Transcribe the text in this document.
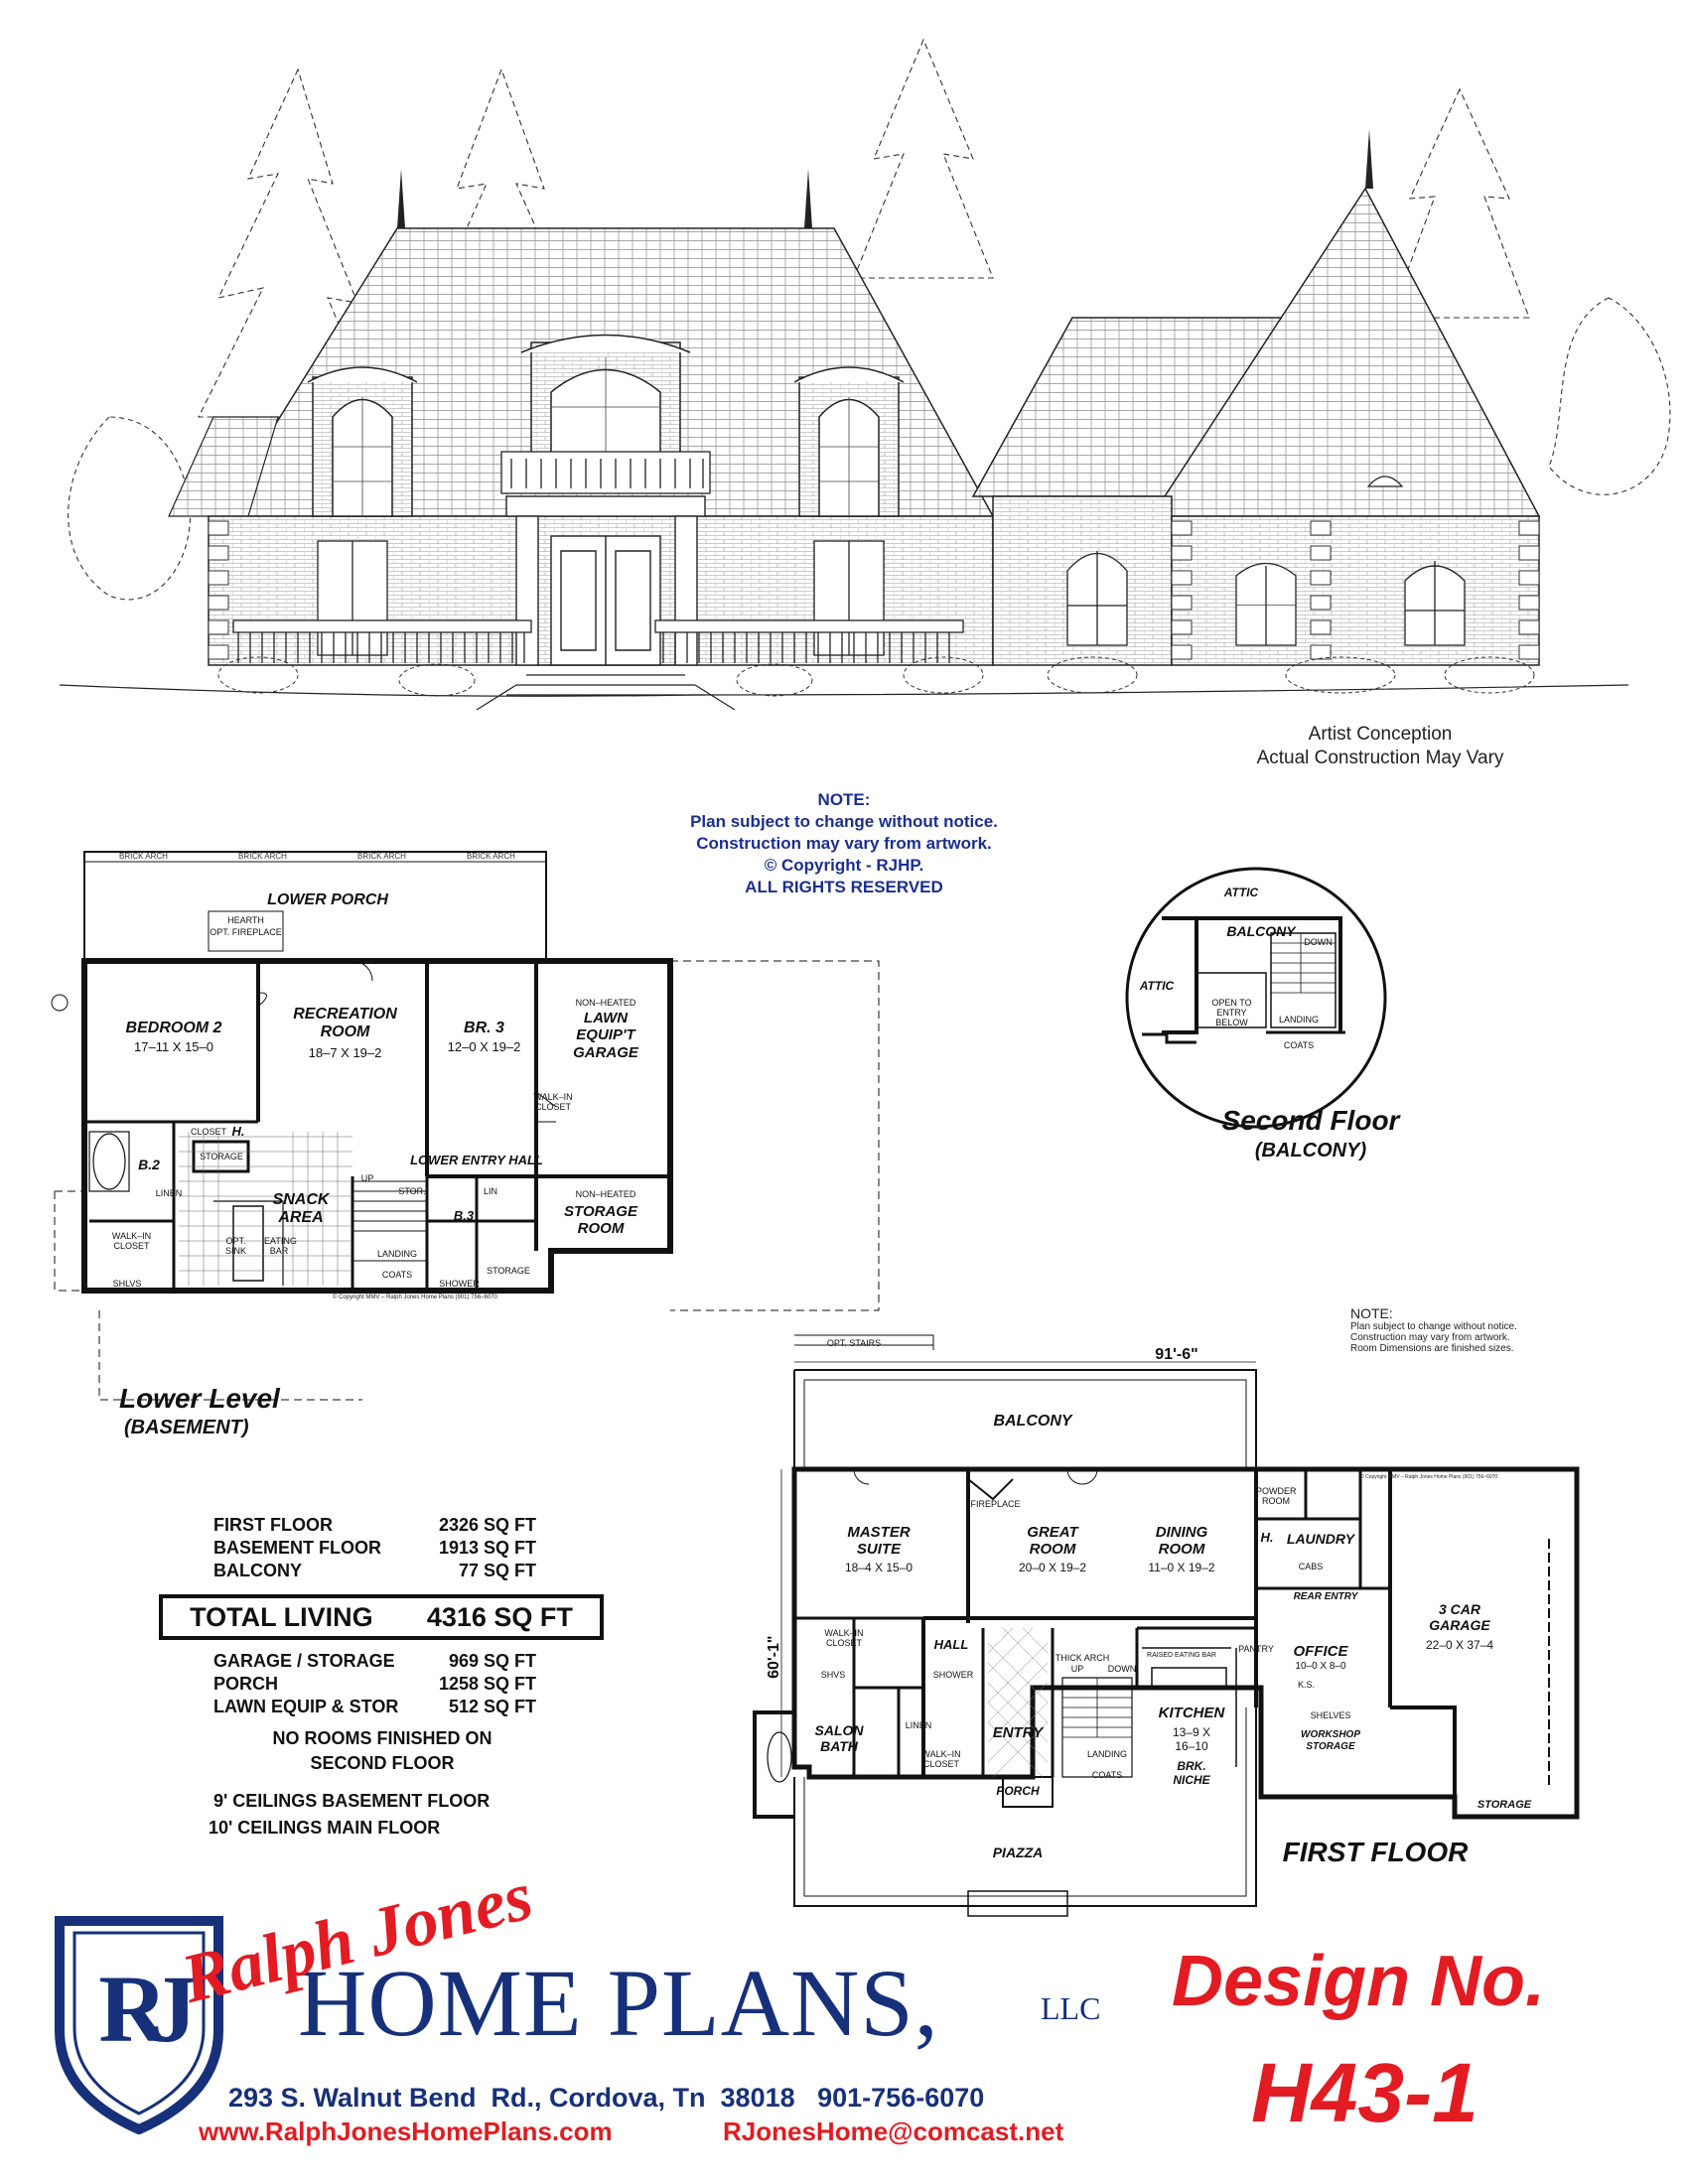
Artist Conception
Actual Construction May Vary
NOTE:
Plan subject to change without notice.
Construction may vary from artwork.
© Copyright - RJHP.
ALL RIGHTS RESERVED
BRICK ARCH	BRICK ARCH	BRICK ARCH	BRICK ARCH
LOWER PORCH
HEARTH
OPT. FIREPLACE
BEDROOM 2
17–11 X 15–0
RECREATION ROOM
18–7 X 19–2
BR. 3
12–0 X 19–2
NON–HEATED
LAWN EQUIP'T GARAGE
WALK–IN CLOSET
CLOSET H.
B.2
LINEN
STORAGE	LOWER ENTRY HALL
SNACK AREA
STOR.
UP
B.3
LIN	NON–HEATED
STORAGE ROOM
WALK–IN CLOSET	EATING BAR
OPT. SINK	LANDING
COATS
SHOWER
STORAGE
SHLVS
© Copyright MMV – Ralph Jones Home Plans (901) 756–6070
Lower Level
(BASEMENT)
ATTIC
BALCONY
DOWN
ATTIC
OPEN TO ENTRY BELOW	LANDING
COATS
Second Floor
(BALCONY)
NOTE:
Plan subject to change without notice.
Construction may vary from artwork.
Room Dimensions are finished sizes.
OPT. STAIRS
91'-6"
BALCONY
60'-1"
FIREPLACE
MASTER SUITE
18–4 X 15–0
GREAT ROOM
20–0 X 19–2
DINING ROOM
11–0 X 19–2
POWDER ROOM
LAUNDRY
H.
CABS
REAR ENTRY
PANTRY	OFFICE
10–0 X 8–0
K.S.
3 CAR GARAGE
22–0 X 37–4
SHELVES
WORKSHOP STORAGE
STORAGE
HALL
WALK–IN CLOSET
SHVS	SHOWER
SALON BATH
LINEN
WALK–IN CLOSET
ENTRY
THICK ARCH
UP	DOWN
LANDING
COATS
RAISED EATING BAR
KITCHEN
13–9 X 16–10
BRK. NICHE
PORCH
PIAZZA
© Copyright MMV – Ralph Jones Home Plans (901) 756–6070
FIRST FLOOR
FIRST FLOOR	2326 SQ FT
BASEMENT FLOOR	1913 SQ FT
BALCONY	77 SQ FT
TOTAL LIVING 4316 SQ FT
GARAGE / STORAGE	969 SQ FT
PORCH	1258 SQ FT
LAWN EQUIP & STOR	512 SQ FT
NO ROOMS FINISHED ON
SECOND FLOOR
9' CEILINGS BASEMENT FLOOR
10' CEILINGS MAIN FLOOR
RJ HOME PLANS,
Ralph Jones	LLC
293 S. Walnut Bend  Rd., Cordova, Tn  38018   901-756-6070
www.RalphJonesHomePlans.com	RJonesHome@comcast.net
Design No.
H43-1
